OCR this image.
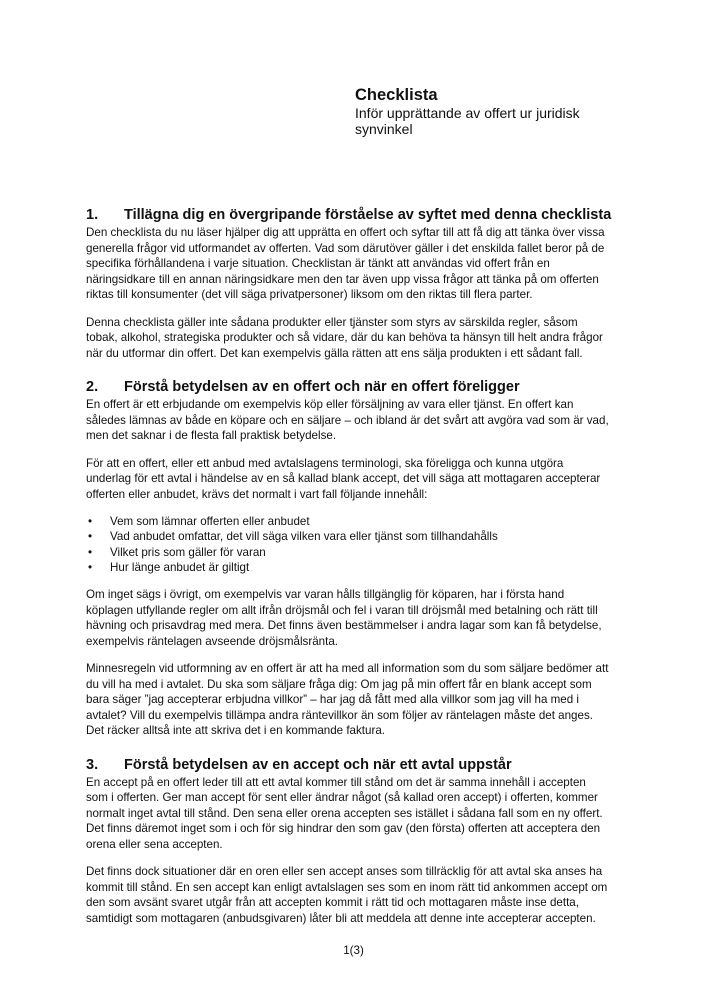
Checklista
Inför upprättande av offert ur juridisk
synvinkel
1. Tillägna dig en övergripande förståelse av syftet med denna checklista
Den checklista du nu läser hjälper dig att upprätta en offert och syftar till att få dig att tänka över vissa
generella frågor vid utformandet av offerten. Vad som därutöver gäller i det enskilda fallet beror på de
specifika förhållandena i varje situation. Checklistan är tänkt att användas vid offert från en
näringsidkare till en annan näringsidkare men den tar även upp vissa frågor att tänka på om offerten
riktas till konsumenter (det vill säga privatpersoner) liksom om den riktas till flera parter.
Denna checklista gäller inte sådana produkter eller tjänster som styrs av särskilda regler, såsom
tobak, alkohol, strategiska produkter och så vidare, där du kan behöva ta hänsyn till helt andra frågor
när du utformar din offert. Det kan exempelvis gälla rätten att ens sälja produkten i ett sådant fall.
2. Förstå betydelsen av en offert och när en offert föreligger
En offert är ett erbjudande om exempelvis köp eller försäljning av vara eller tjänst. En offert kan
således lämnas av både en köpare och en säljare – och ibland är det svårt att avgöra vad som är vad,
men det saknar i de flesta fall praktisk betydelse.
För att en offert, eller ett anbud med avtalslagens terminologi, ska föreligga och kunna utgöra
underlag för ett avtal i händelse av en så kallad blank accept, det vill säga att mottagaren accepterar
offerten eller anbudet, krävs det normalt i vart fall följande innehåll:
• Vem som lämnar offerten eller anbudet
• Vad anbudet omfattar, det vill säga vilken vara eller tjänst som tillhandahålls
• Vilket pris som gäller för varan
• Hur länge anbudet är giltigt
Om inget sägs i övrigt, om exempelvis var varan hålls tillgänglig för köparen, har i första hand
köplagen utfyllande regler om allt ifrån dröjsmål och fel i varan till dröjsmål med betalning och rätt till
hävning och prisavdrag med mera. Det finns även bestämmelser i andra lagar som kan få betydelse,
exempelvis räntelagen avseende dröjsmålsränta.
Minnesregeln vid utformning av en offert är att ha med all information som du som säljare bedömer att
du vill ha med i avtalet. Du ska som säljare fråga dig: Om jag på min offert får en blank accept som
bara säger ”jag accepterar erbjudna villkor” – har jag då fått med alla villkor som jag vill ha med i
avtalet? Vill du exempelvis tillämpa andra räntevillkor än som följer av räntelagen måste det anges.
Det räcker alltså inte att skriva det i en kommande faktura.
3. Förstå betydelsen av en accept och när ett avtal uppstår
En accept på en offert leder till att ett avtal kommer till stånd om det är samma innehåll i accepten
som i offerten. Ger man accept för sent eller ändrar något (så kallad oren accept) i offerten, kommer
normalt inget avtal till stånd. Den sena eller orena accepten ses istället i sådana fall som en ny offert.
Det finns däremot inget som i och för sig hindrar den som gav (den första) offerten att acceptera den
orena eller sena accepten.
Det finns dock situationer där en oren eller sen accept anses som tillräcklig för att avtal ska anses ha
kommit till stånd. En sen accept kan enligt avtalslagen ses som en inom rätt tid ankommen accept om
den som avsänt svaret utgår från att accepten kommit i rätt tid och mottagaren måste inse detta,
samtidigt som mottagaren (anbudsgivaren) låter bli att meddela att denne inte accepterar accepten.
1(3)
